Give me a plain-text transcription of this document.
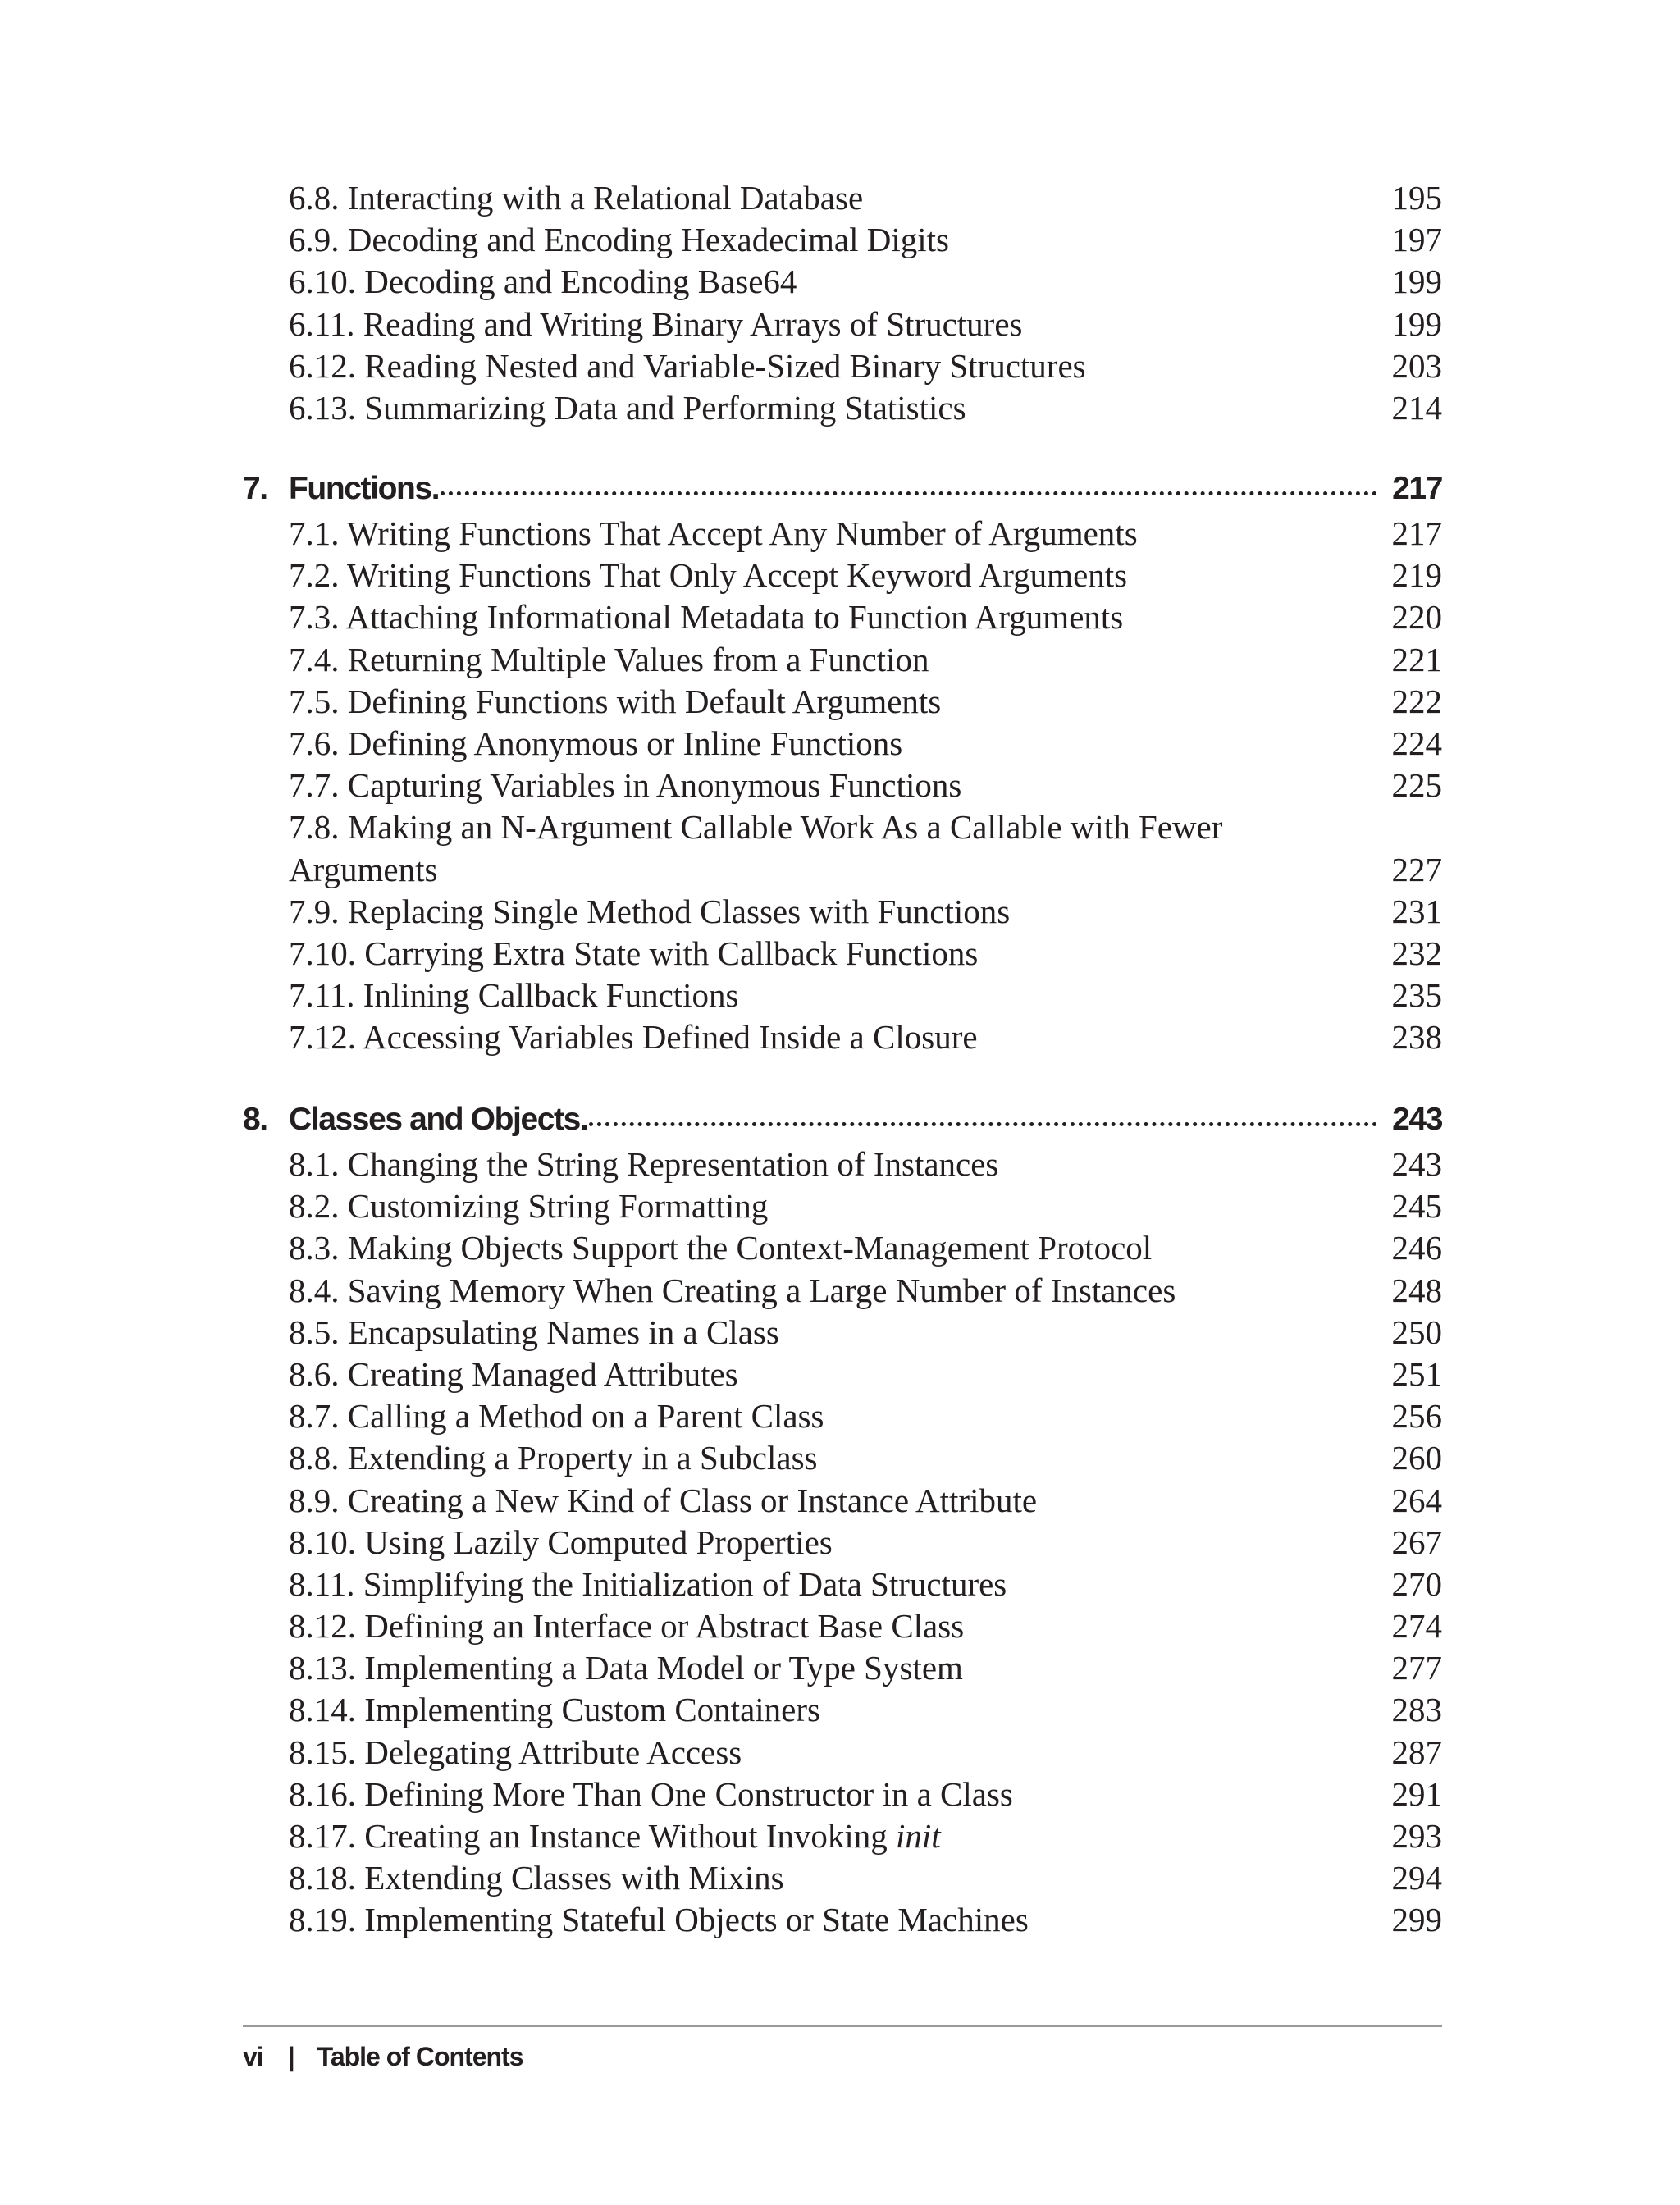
6.8. Interacting with a Relational Database	195
6.9. Decoding and Encoding Hexadecimal Digits	197
6.10. Decoding and Encoding Base64	199
6.11. Reading and Writing Binary Arrays of Structures	199
6.12. Reading Nested and Variable-Sized Binary Structures	203
6.13. Summarizing Data and Performing Statistics	214
7. Functions.	217
7.1. Writing Functions That Accept Any Number of Arguments	217
7.2. Writing Functions That Only Accept Keyword Arguments	219
7.3. Attaching Informational Metadata to Function Arguments	220
7.4. Returning Multiple Values from a Function	221
7.5. Defining Functions with Default Arguments	222
7.6. Defining Anonymous or Inline Functions	224
7.7. Capturing Variables in Anonymous Functions	225
7.8. Making an N-Argument Callable Work As a Callable with Fewer Arguments	227
7.9. Replacing Single Method Classes with Functions	231
7.10. Carrying Extra State with Callback Functions	232
7.11. Inlining Callback Functions	235
7.12. Accessing Variables Defined Inside a Closure	238
8. Classes and Objects.	243
8.1. Changing the String Representation of Instances	243
8.2. Customizing String Formatting	245
8.3. Making Objects Support the Context-Management Protocol	246
8.4. Saving Memory When Creating a Large Number of Instances	248
8.5. Encapsulating Names in a Class	250
8.6. Creating Managed Attributes	251
8.7. Calling a Method on a Parent Class	256
8.8. Extending a Property in a Subclass	260
8.9. Creating a New Kind of Class or Instance Attribute	264
8.10. Using Lazily Computed Properties	267
8.11. Simplifying the Initialization of Data Structures	270
8.12. Defining an Interface or Abstract Base Class	274
8.13. Implementing a Data Model or Type System	277
8.14. Implementing Custom Containers	283
8.15. Delegating Attribute Access	287
8.16. Defining More Than One Constructor in a Class	291
8.17. Creating an Instance Without Invoking init	293
8.18. Extending Classes with Mixins	294
8.19. Implementing Stateful Objects or State Machines	299
vi | Table of Contents
